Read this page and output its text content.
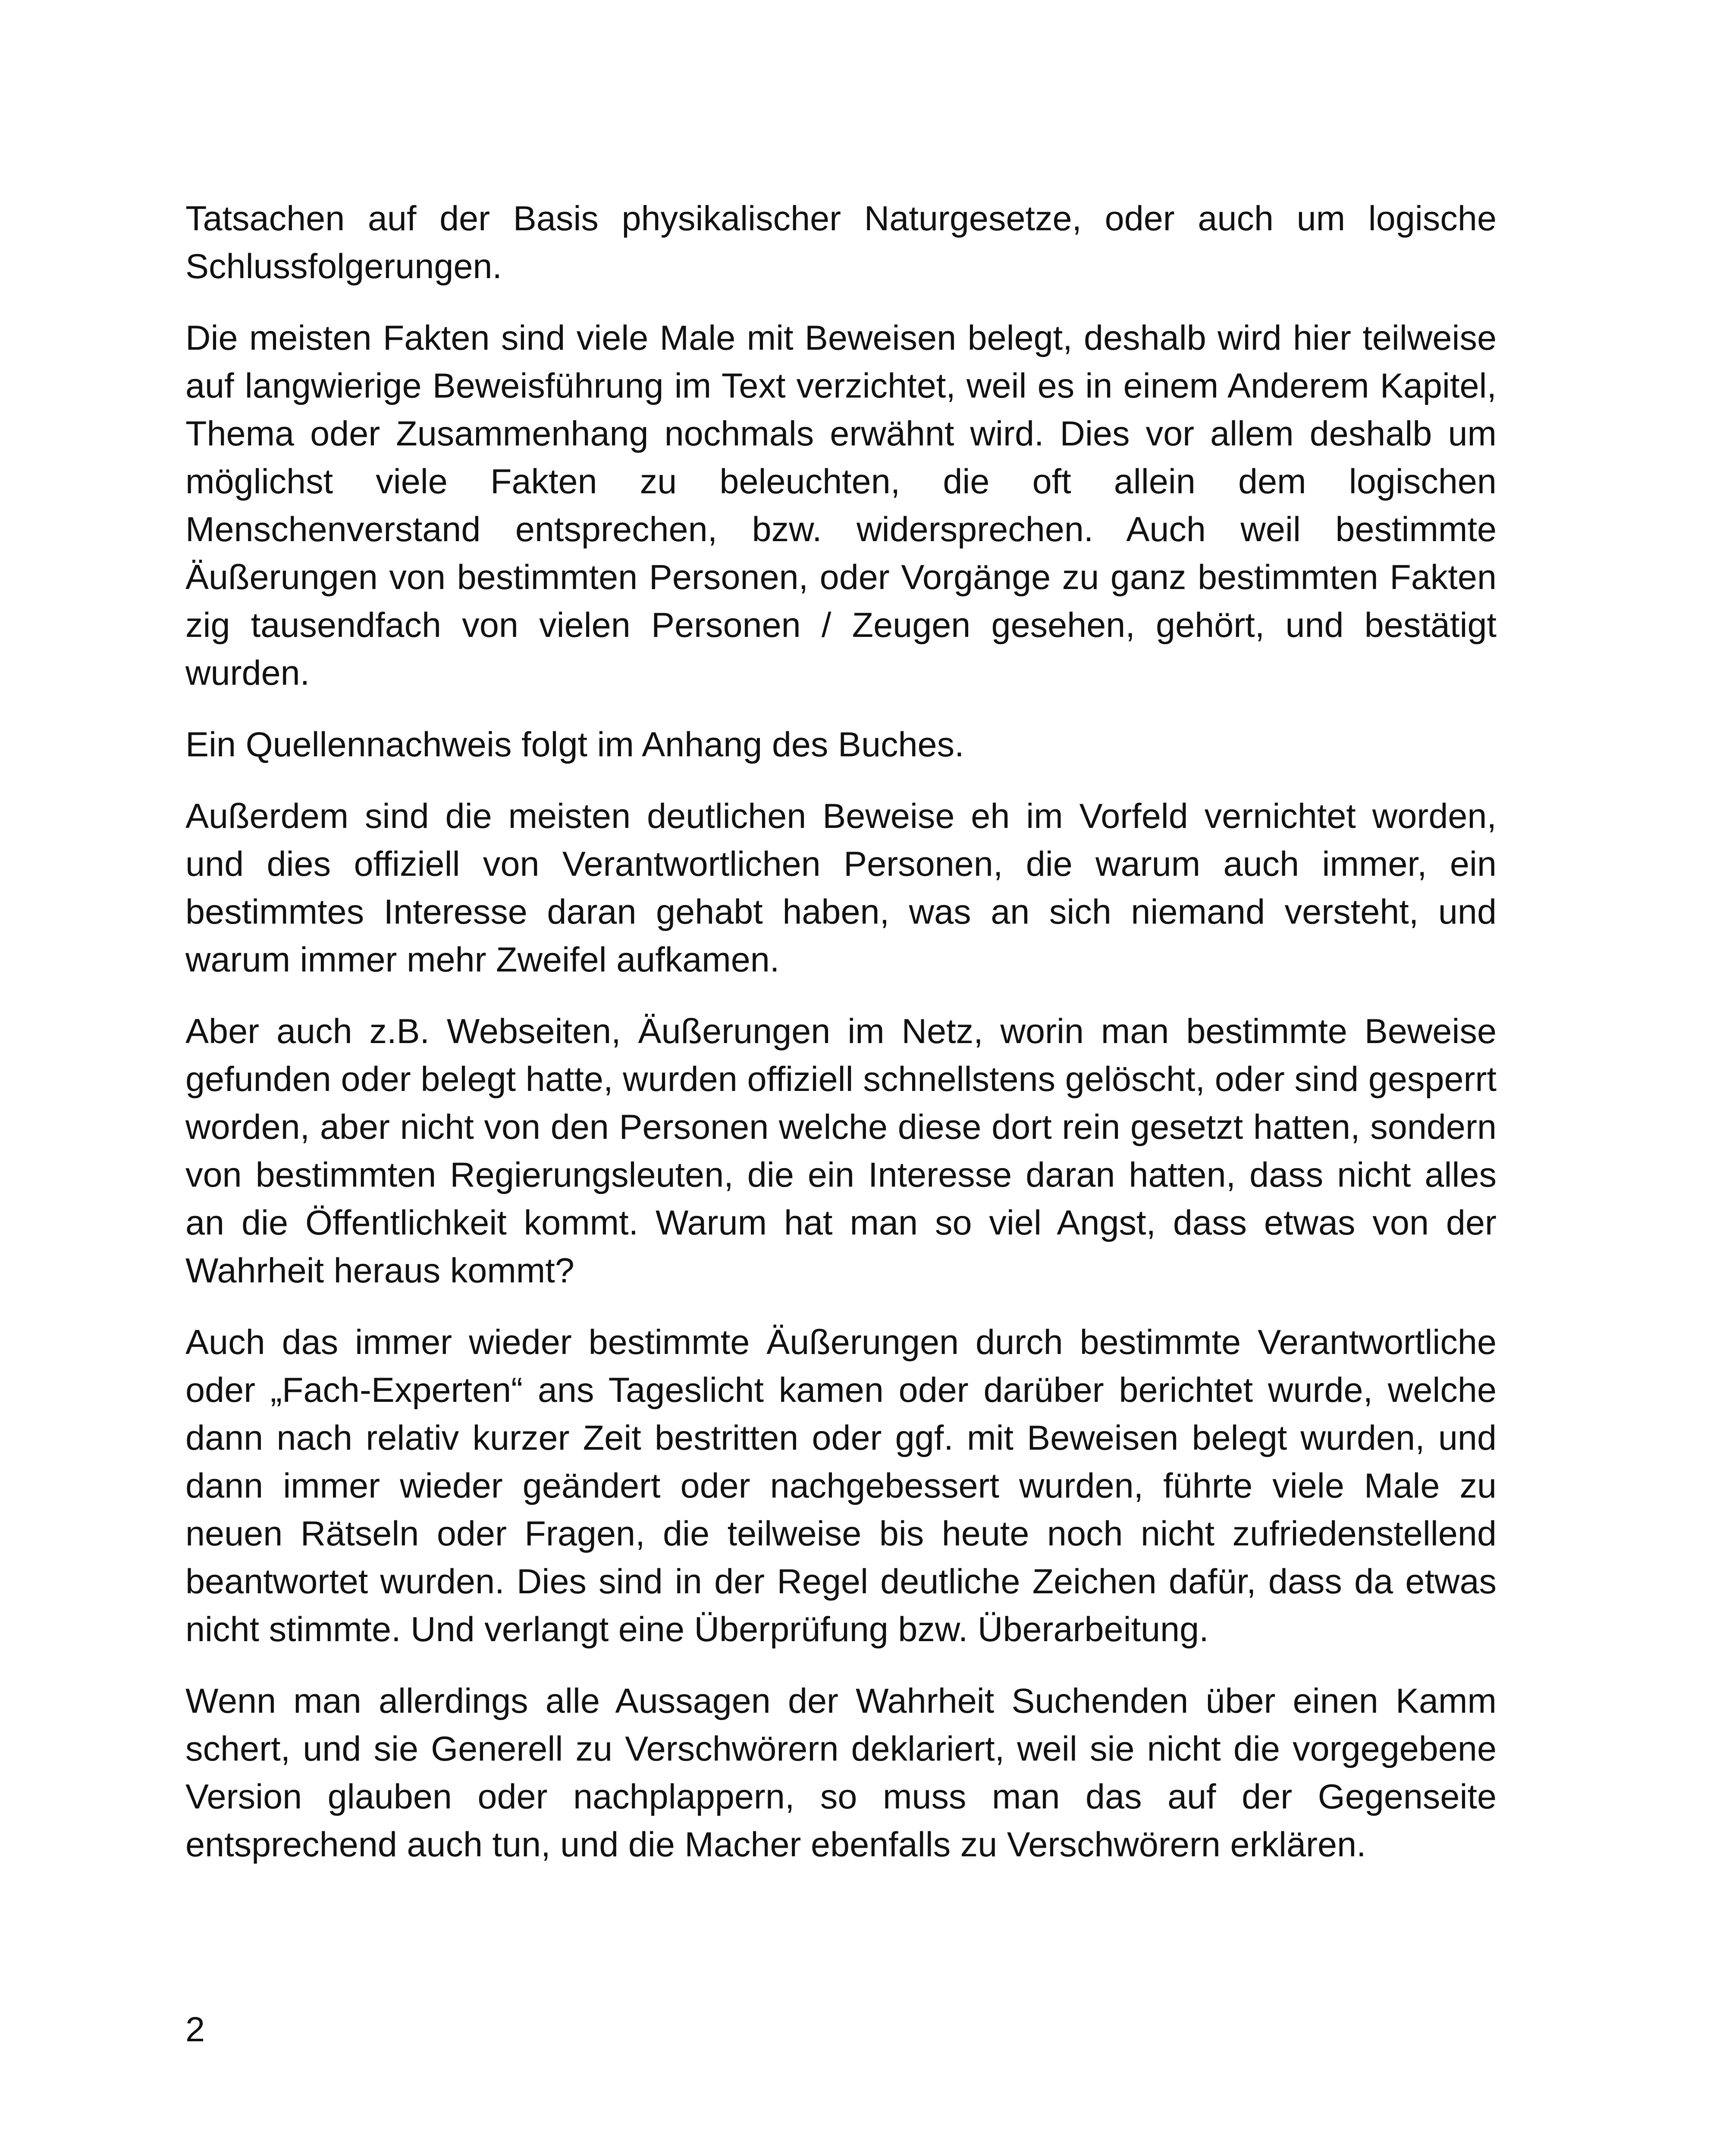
Tatsachen auf der Basis physikalischer Naturgesetze, oder auch um logische Schlussfolgerungen.

Die meisten Fakten sind viele Male mit Beweisen belegt, deshalb wird hier teilweise auf langwierige Beweisführung im Text verzichtet, weil es in einem Anderem Kapitel, Thema oder Zusammenhang nochmals erwähnt wird. Dies vor allem deshalb um möglichst viele Fakten zu beleuchten, die oft allein dem logischen Menschenverstand entsprechen, bzw. widersprechen. Auch weil bestimmte Äußerungen von bestimmten Personen, oder Vorgänge zu ganz bestimmten Fakten zig tausendfach von vielen Personen / Zeugen gesehen, gehört, und bestätigt wurden.

Ein Quellennachweis folgt im Anhang des Buches.

Außerdem sind die meisten deutlichen Beweise eh im Vorfeld vernichtet worden, und dies offiziell von Verantwortlichen Personen, die warum auch immer, ein bestimmtes Interesse daran gehabt haben, was an sich niemand versteht, und warum immer mehr Zweifel aufkamen.

Aber auch z.B. Webseiten, Äußerungen im Netz, worin man bestimmte Beweise gefunden oder belegt hatte, wurden offiziell schnellstens gelöscht, oder sind gesperrt worden, aber nicht von den Personen welche diese dort rein gesetzt hatten, sondern von bestimmten Regierungsleuten, die ein Interesse daran hatten, dass nicht alles an die Öffentlichkeit kommt. Warum hat man so viel Angst, dass etwas von der Wahrheit heraus kommt?

Auch das immer wieder bestimmte Äußerungen durch bestimmte Verantwortliche oder „Fach-Experten“ ans Tageslicht kamen oder darüber berichtet wurde, welche dann nach relativ kurzer Zeit bestritten oder ggf. mit Beweisen belegt wurden, und dann immer wieder geändert oder nachgebessert wurden, führte viele Male zu neuen Rätseln oder Fragen, die teilweise bis heute noch nicht zufriedenstellend beantwortet wurden. Dies sind in der Regel deutliche Zeichen dafür, dass da etwas nicht stimmte. Und verlangt eine Überprüfung bzw. Überarbeitung.

Wenn man allerdings alle Aussagen der Wahrheit Suchenden über einen Kamm schert, und sie Generell zu Verschwörern deklariert, weil sie nicht die vorgegebene Version glauben oder nachplappern, so muss man das auf der Gegenseite entsprechend auch tun, und die Macher ebenfalls zu Verschwörern erklären.

2
